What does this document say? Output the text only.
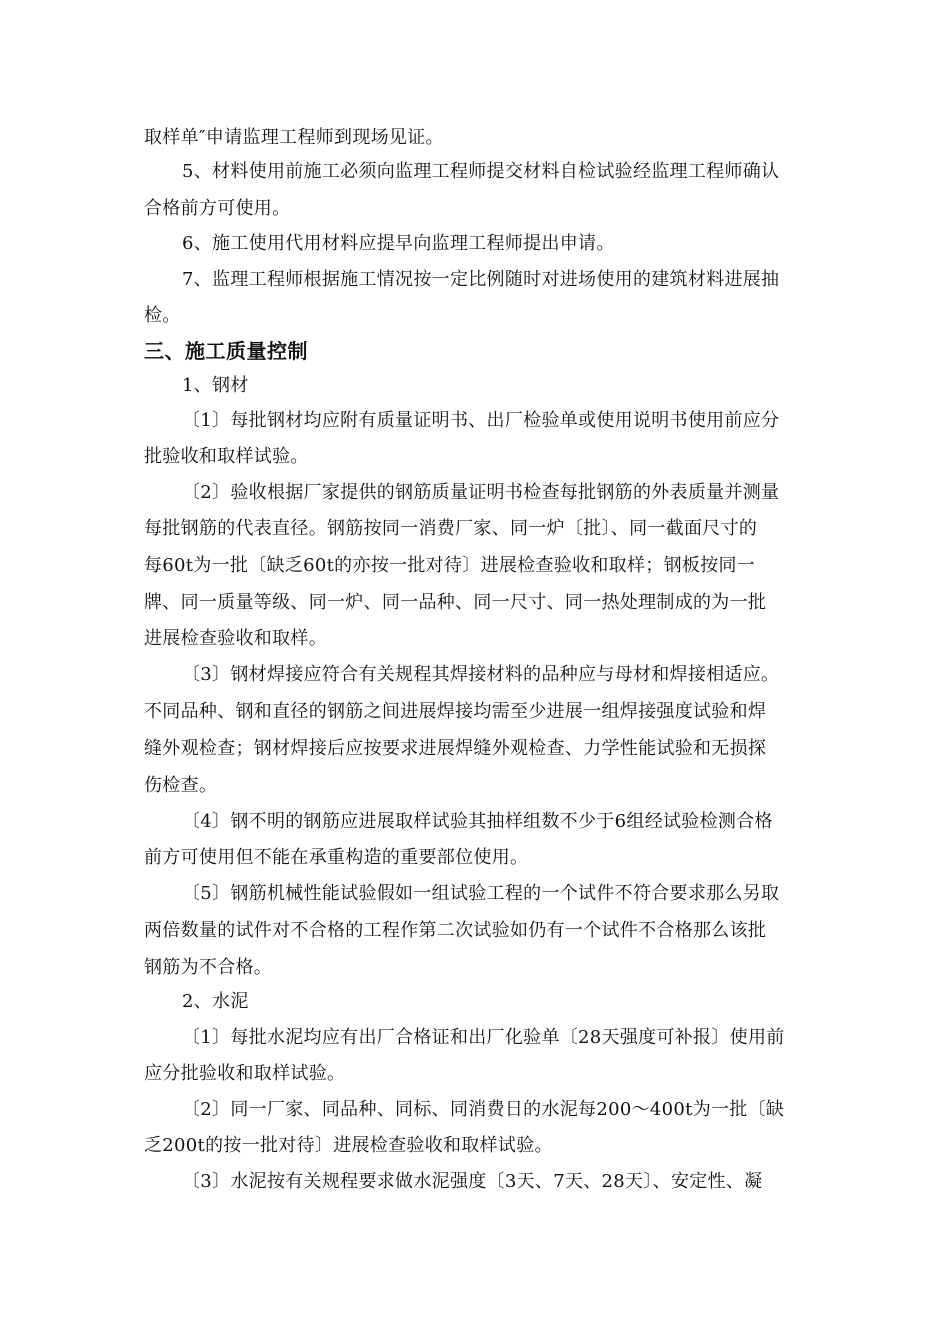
取样单″申请监理工程师到现场见证。
5、材料使用前施工必须向监理工程师提交材料自检试验经监理工程师确认
合格前方可使用。
6、施工使用代用材料应提早向监理工程师提出申请。
7、监理工程师根据施工情况按一定比例随时对进场使用的建筑材料进展抽
检。
三、施工质量控制
1、钢材
〔1〕每批钢材均应附有质量证明书、出厂检验单或使用说明书使用前应分
批验收和取样试验。
〔2〕验收根据厂家提供的钢筋质量证明书检查每批钢筋的外表质量并测量
每批钢筋的代表直径。钢筋按同一消费厂家、同一炉〔批〕、同一截面尺寸的
每60t为一批〔缺乏60t的亦按一批对待〕进展检查验收和取样；钢板按同一
牌、同一质量等级、同一炉、同一品种、同一尺寸、同一热处理制成的为一批
进展检查验收和取样。
〔3〕钢材焊接应符合有关规程其焊接材料的品种应与母材和焊接相适应。
不同品种、钢和直径的钢筋之间进展焊接均需至少进展一组焊接强度试验和焊
缝外观检查；钢材焊接后应按要求进展焊缝外观检查、力学性能试验和无损探
伤检查。
〔4〕钢不明的钢筋应进展取样试验其抽样组数不少于6组经试验检测合格
前方可使用但不能在承重构造的重要部位使用。
〔5〕钢筋机械性能试验假如一组试验工程的一个试件不符合要求那么另取
两倍数量的试件对不合格的工程作第二次试验如仍有一个试件不合格那么该批
钢筋为不合格。
2、水泥
〔1〕每批水泥均应有出厂合格证和出厂化验单〔28天强度可补报〕使用前
应分批验收和取样试验。
〔2〕同一厂家、同品种、同标、同消费日的水泥每200～400t为一批〔缺
乏200t的按一批对待〕进展检查验收和取样试验。
〔3〕水泥按有关规程要求做水泥强度〔3天、7天、28天〕、安定性、凝
